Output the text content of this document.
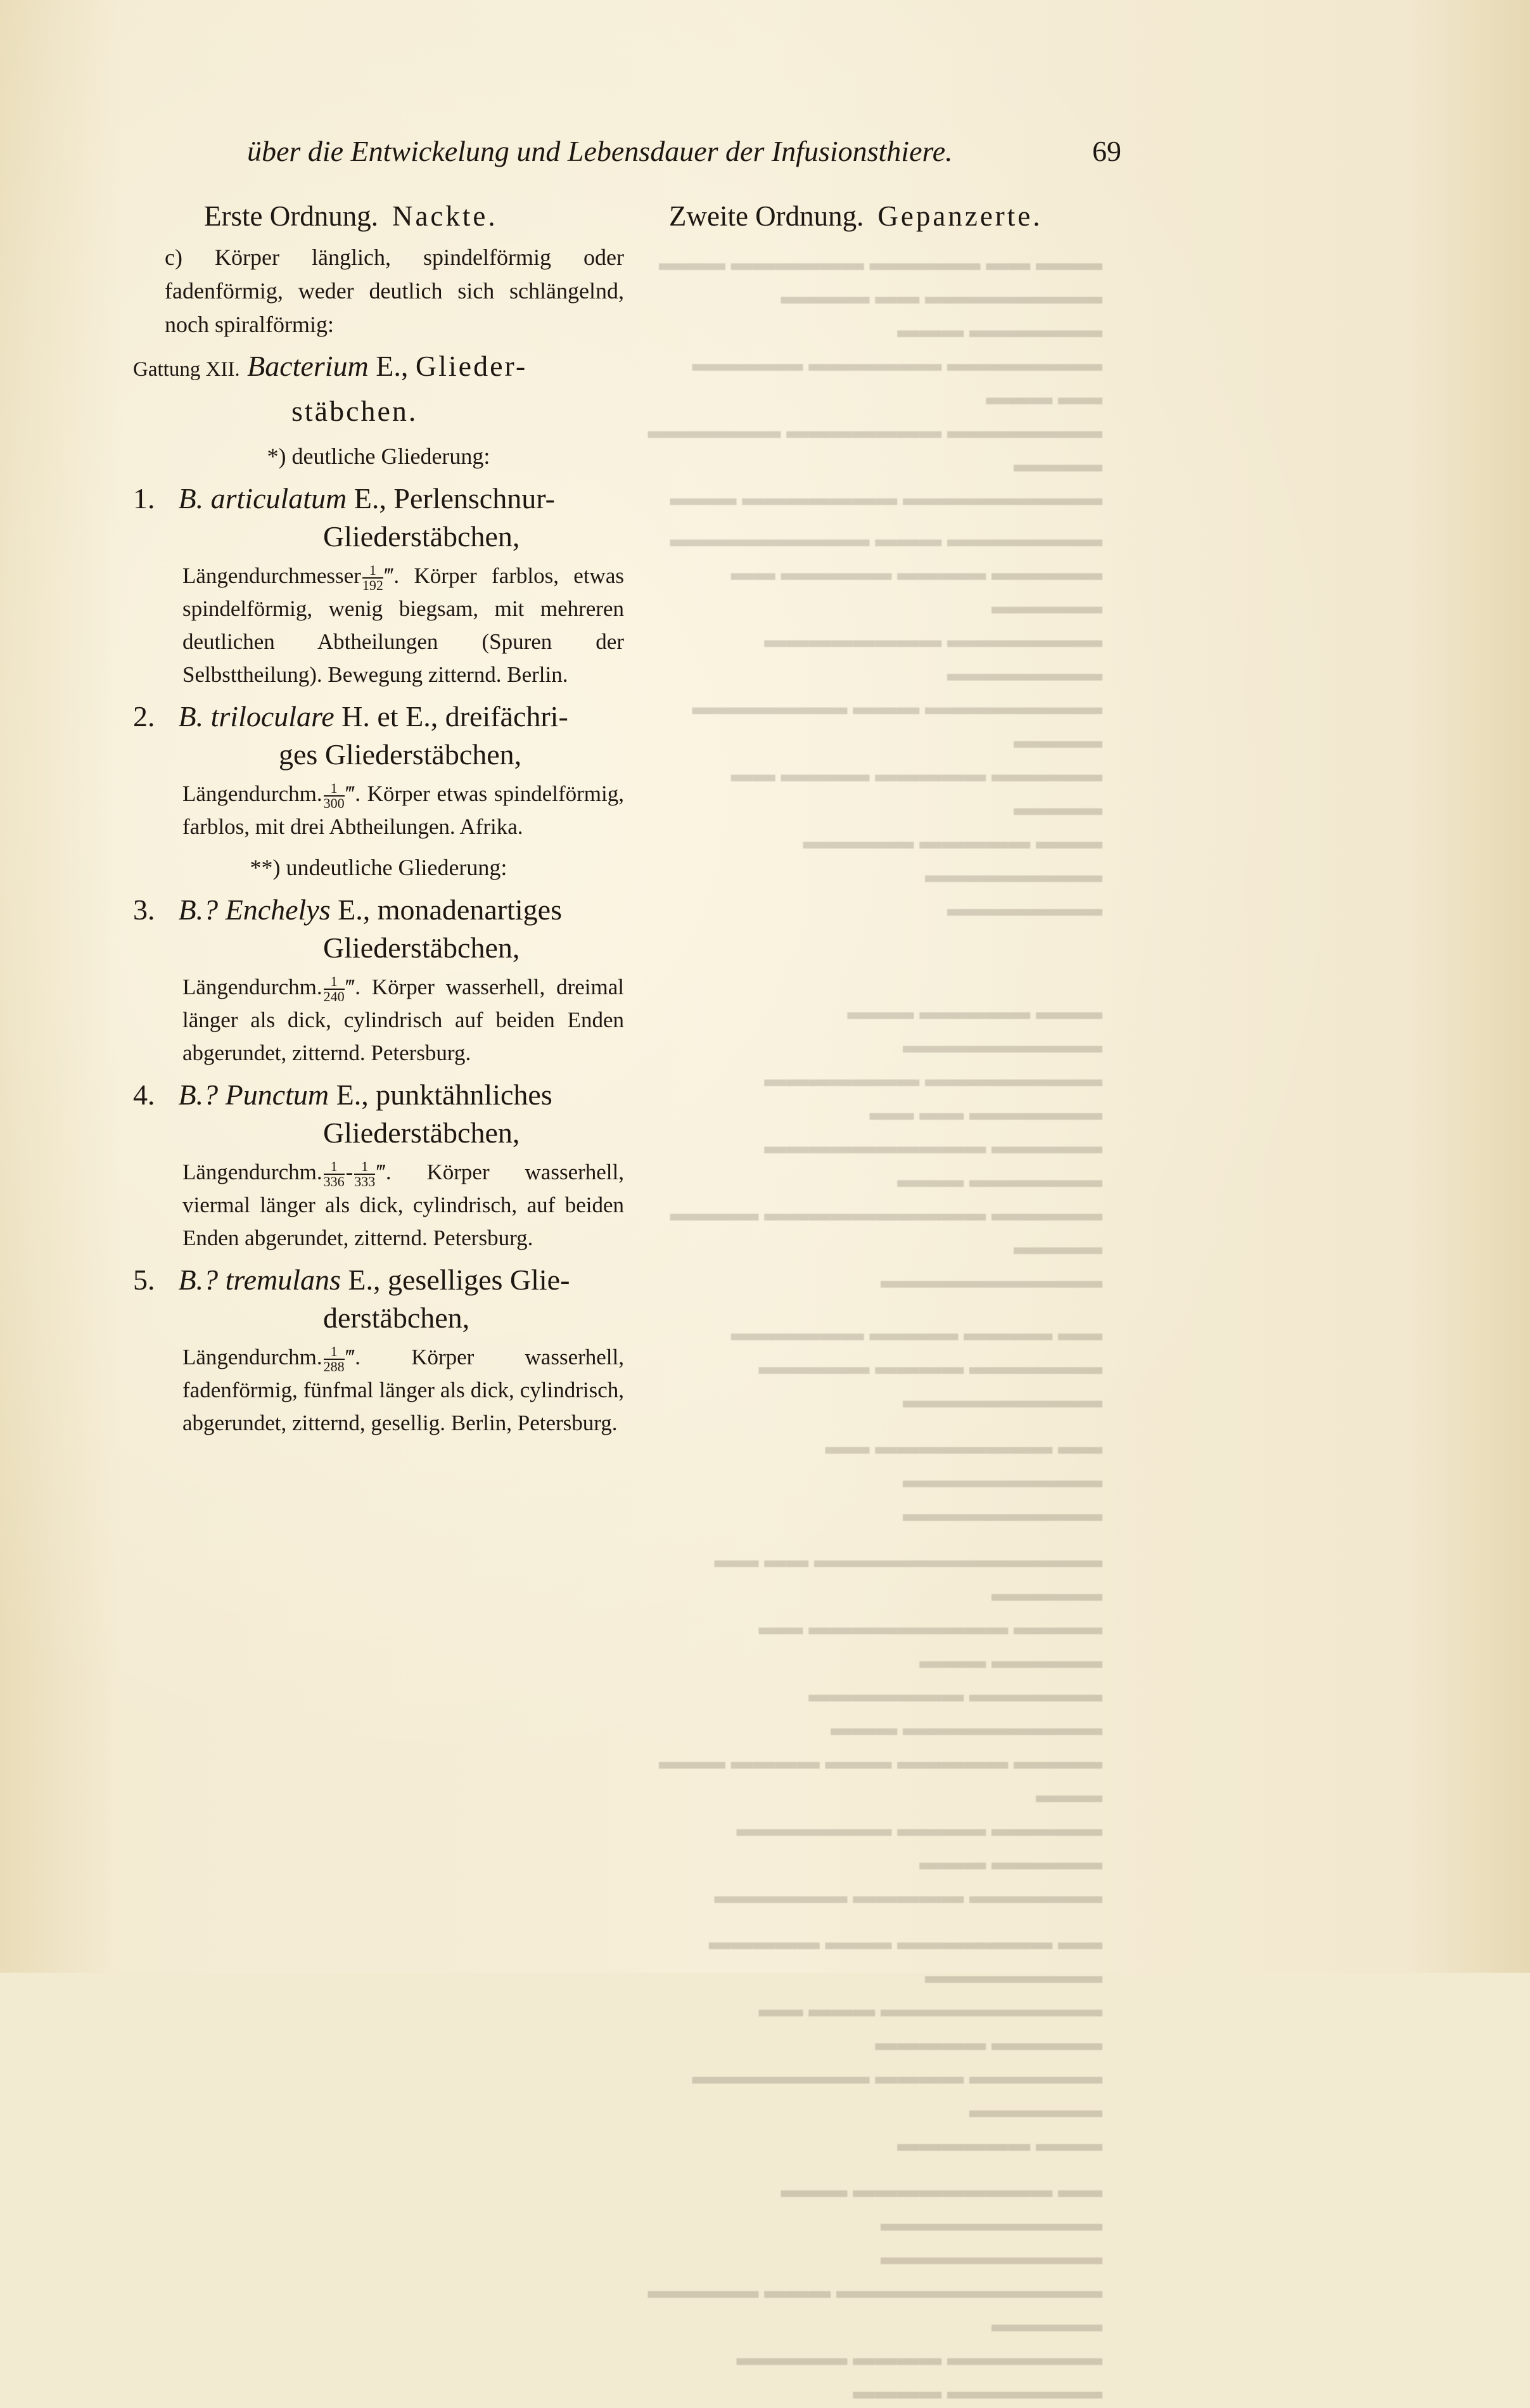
über die Entwickelung und Lebensdauer der Infusionsthiere.	69
Erste Ordnung. Nackte.	Zweite Ordnung. Gepanzerte.

▬▬▬ ▬▬ ▬▬▬▬▬ ▬▬▬▬▬▬ ▬▬▬

▬▬▬▬▬▬▬▬ ▬▬ ▬▬▬▬ ▬▬▬▬▬▬ ▬▬▬

▬▬▬▬▬▬▬ ▬▬▬▬▬▬ ▬▬▬▬▬ ▬▬ ▬▬▬

▬▬▬▬▬▬▬ ▬▬▬▬▬▬▬ ▬▬▬▬▬▬ ▬▬▬▬

▬▬▬▬▬▬▬▬▬ ▬▬▬▬▬▬▬ ▬▬▬

▬▬▬▬▬▬▬ ▬▬▬ ▬▬▬▬▬▬▬▬▬

▬▬▬▬▬ ▬▬▬▬ ▬▬▬▬▬ ▬▬ ▬▬▬▬▬

▬▬▬▬▬▬▬ ▬▬▬▬▬▬▬▬ ▬▬▬▬▬▬▬

▬▬▬▬▬▬▬▬ ▬▬▬ ▬▬▬▬▬▬▬ ▬▬▬▬

▬▬▬▬▬ ▬▬▬▬▬ ▬▬▬▬ ▬▬ ▬▬▬▬

▬▬▬ ▬▬▬▬▬ ▬▬▬▬▬ ▬▬▬▬▬▬▬▬

▬▬▬▬▬▬▬

▬▬▬ ▬▬▬▬▬ ▬▬▬ ▬▬▬▬▬▬▬▬▬

▬▬▬▬▬▬▬▬ ▬▬▬▬▬▬▬ ▬▬▬▬▬▬ ▬▬ ▬▬

▬▬▬▬▬ ▬▬▬▬▬▬▬▬▬▬ ▬▬▬▬▬▬ ▬▬▬

▬▬▬▬▬ ▬▬▬▬▬▬▬▬▬▬ ▬▬▬▬ ▬▬▬▬

▬▬▬▬▬▬▬▬▬▬

▬▬ ▬▬▬▬ ▬▬▬▬ ▬▬▬▬▬▬

▬▬▬▬▬▬ ▬▬▬▬ ▬▬▬▬▬ ▬▬▬▬▬▬▬▬▬

▬▬ ▬▬▬▬▬▬▬▬ ▬▬ ▬▬▬▬▬▬▬▬▬

▬▬▬▬▬▬▬▬▬

▬▬▬▬▬▬▬▬▬▬▬▬▬ ▬▬ ▬▬ ▬▬▬▬▬

▬▬▬▬ ▬▬▬▬▬▬▬▬▬ ▬▬ ▬▬▬▬▬ ▬▬▬

▬▬▬▬▬▬ ▬▬▬▬▬▬▬ ▬▬▬▬▬▬▬▬▬ ▬▬▬

▬▬▬▬ ▬▬▬▬▬ ▬▬▬ ▬▬▬▬ ▬▬▬ ▬▬▬

▬▬▬▬▬ ▬▬▬▬ ▬▬▬▬▬▬▬ ▬▬▬▬▬ ▬▬▬

▬▬▬▬▬▬ ▬▬▬▬▬ ▬▬▬▬▬▬

▬▬ ▬▬▬▬▬▬▬ ▬▬▬ ▬▬▬▬▬ ▬▬▬▬▬▬▬▬

▬▬▬▬▬▬▬▬▬▬ ▬▬▬ ▬▬ ▬▬▬▬▬ ▬▬▬▬▬

▬▬▬▬▬▬ ▬▬▬▬ ▬▬▬▬▬▬▬▬ ▬▬▬▬▬▬

▬▬▬ ▬▬▬▬▬▬

▬▬ ▬▬▬▬▬▬▬▬▬ ▬▬▬ ▬▬▬▬▬▬▬▬▬▬

▬▬▬▬▬▬▬▬▬▬

▬▬▬▬▬▬▬▬▬▬▬▬ ▬▬▬ ▬▬▬▬▬ ▬▬▬▬▬

▬▬▬▬▬▬▬ ▬▬▬▬ ▬▬▬▬▬ ▬▬▬▬▬▬▬ ▬▬▬▬

c) Körper länglich, spindelförmig oder fadenförmig, weder deutlich sich schlängelnd, noch spiralförmig:

Gattung XII. Bacterium E., Glieder-
stäbchen.
*) deutliche Gliederung:
1. B. articulatum E., Perlenschnur-
Gliederstäbchen,

Längendurchmesser $\frac{1}{192}$ ‴. Körper farblos, etwas spindelförmig, wenig biegsam, mit mehreren deutlichen Abtheilungen (Spuren der Selbsttheilung). Bewegung zitternd. Berlin.

2. B. triloculare H. et E., dreifächri-
ges Gliederstäbchen,

Längendurchm. $\frac{1}{300}$ ‴. Körper etwas spindelförmig, farblos, mit drei Abtheilungen. Afrika.

**) undeutliche Gliederung:
3. B.? Enchelys E., monadenartiges
Gliederstäbchen,

Längendurchm. $\frac{1}{240}$ ‴. Körper wasserhell, dreimal länger als dick, cylindrisch auf beiden Enden abgerundet, zitternd. Petersburg.

4. B.? Punctum E., punktähnliches
Gliederstäbchen,

Längendurchm. $\frac{1}{336} - \frac{1}{333}$ ‴. Körper wasserhell, viermal länger als dick, cylindrisch, auf beiden Enden abgerundet, zitternd. Petersburg.

5. B.? tremulans E., geselliges Glie-
derstäbchen,

Längendurchm. $\frac{1}{288}$ ‴. Körper wasserhell, fadenförmig, fünfmal länger als dick, cylindrisch, abgerundet, zitternd, gesellig. Berlin, Petersburg.
